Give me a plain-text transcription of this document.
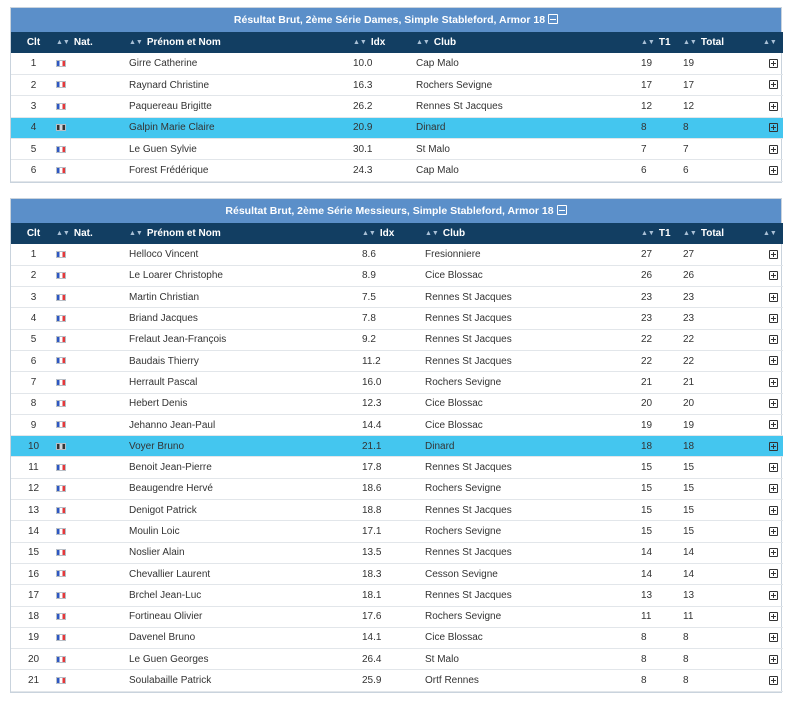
Résultat Brut, 2ème Série Dames, Simple Stableford, Armor 18
Clt	▲▼ Nat.	▲▼ Prénom et Nom	▲▼ Idx	▲▼ Club	▲▼ T1	▲▼ Total	▲▼
1		Girre Catherine	10.0	Cap Malo	19	19	
2		Raynard Christine	16.3	Rochers Sevigne	17	17	
3		Paquereau Brigitte	26.2	Rennes St Jacques	12	12	
4		Galpin Marie Claire	20.9	Dinard	8	8	
5		Le Guen Sylvie	30.1	St Malo	7	7	
6		Forest Frédérique	24.3	Cap Malo	6	6	
Résultat Brut, 2ème Série Messieurs, Simple Stableford, Armor 18
Clt	▲▼ Nat.	▲▼ Prénom et Nom	▲▼ Idx	▲▼ Club	▲▼ T1	▲▼ Total	▲▼
1		Helloco Vincent	8.6	Fresionniere	27	27	
2		Le Loarer Christophe	8.9	Cice Blossac	26	26	
3		Martin Christian	7.5	Rennes St Jacques	23	23	
4		Briand Jacques	7.8	Rennes St Jacques	23	23	
5		Frelaut Jean-François	9.2	Rennes St Jacques	22	22	
6		Baudais Thierry	11.2	Rennes St Jacques	22	22	
7		Herrault Pascal	16.0	Rochers Sevigne	21	21	
8		Hebert Denis	12.3	Cice Blossac	20	20	
9		Jehanno Jean-Paul	14.4	Cice Blossac	19	19	
10		Voyer Bruno	21.1	Dinard	18	18	
11		Benoit Jean-Pierre	17.8	Rennes St Jacques	15	15	
12		Beaugendre Hervé	18.6	Rochers Sevigne	15	15	
13		Denigot Patrick	18.8	Rennes St Jacques	15	15	
14		Moulin Loic	17.1	Rochers Sevigne	15	15	
15		Noslier Alain	13.5	Rennes St Jacques	14	14	
16		Chevallier Laurent	18.3	Cesson Sevigne	14	14	
17		Brchel Jean-Luc	18.1	Rennes St Jacques	13	13	
18		Fortineau Olivier	17.6	Rochers Sevigne	11	11	
19		Davenel Bruno	14.1	Cice Blossac	8	8	
20		Le Guen Georges	26.4	St Malo	8	8	
21		Soulabaille Patrick	25.9	Ortf Rennes	8	8	
